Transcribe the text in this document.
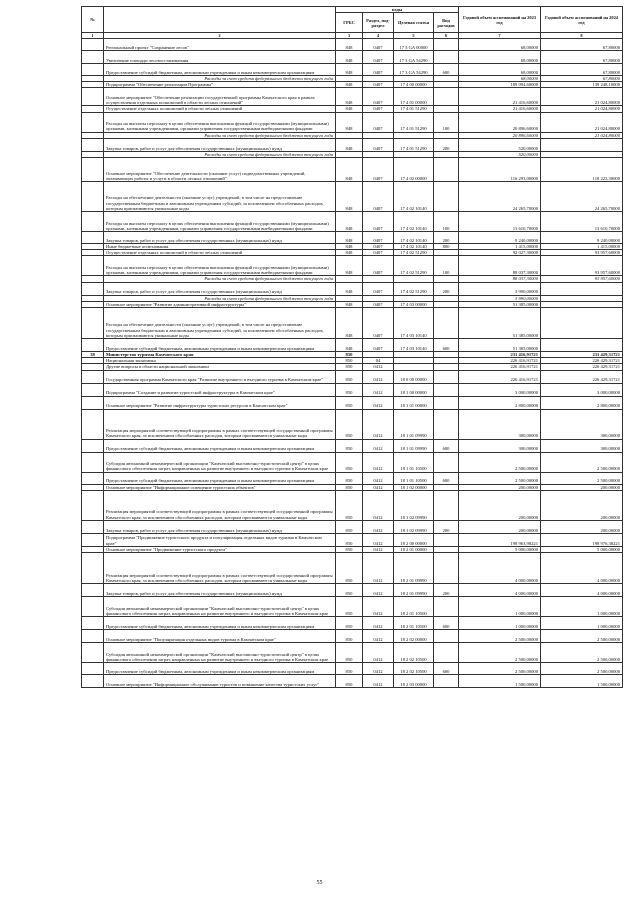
№		коды				Годовой объем ассигнований на 2023 год	Годовой объем ассигнований на 2024 год
		ГРБС	Раздел, под-раздел	Целевая статья	Вид расходов		
1	2	3	4	5	6	7	8
	Региональный проект "Сохранение лесов"	848	0407	17 3 GA 00000		68,00000	67,80000
	Увеличение площади лесовосстановления	848	0407	17 3 GA 54290		68,00000	67,80000
	Предоставление субсидий бюджетным, автономным учреждениям и иным некоммерческим организациям	848	0407	17 3 GA 54290	600	68,00000	67,80000
	Расходы за счет средств федерального бюджета текущего года					68,00000	67,80000
	Подпрограмма "Обеспечение реализации Программы"	848	0407	17 4 00 00000		189 094,60000	139 248,10000
	Основное мероприятие "Обеспечение реализации государственной программы Камчатского края в рамках осуществления отдельных полномочий в области лесных отношений"	848	0407	17 4 01 00000		21 416,60000	21 024,80000
	Осуществление отдельных полномочий в области лесных отношений	848	0407	17 4 01 51290		21 416,60000	21 024,80000
	Расходы на выплаты персоналу в целях обеспечения выполнения функций государственными (муниципальными) органами, казенными учреждениями, органами управления государственными внебюджетными фондами	848	0407	17 4 01 51290	100	20 896,60000	21 024,80000
	Расходы за счет средств федерального бюджета текущего года					20 896,60000	21 024,80000
	Закупка товаров, работ и услуг для обеспечения государственных (муниципальных) нужд	848	0407	17 4 01 51290	200	520,00000	
	Расходы за счет средств федерального бюджета текущего года					520,00000	
	Основное мероприятие "Обеспечение деятельности (оказание услуг) подведомственных учреждений, оказывающих работы и услуги в области лесных отношений"	848	0407	17 4 02 00000		116 293,00000	118 223,30000
	Расходы на обеспечение деятельности (оказание услуг) учреждений, в том числе на предоставление государственным бюджетным и автономным учреждениям субсидий, за исключением обособленных расходов, которым присваиваются уникальные коды	848	0407	17 4 02 10140		24 265,70000	24 265,70000
	Расходы на выплаты персоналу в целях обеспечения выполнения функций государственными (муниципальными) органами, казенными учреждениями, органами управления государственными внебюджетными фондами	848	0407	17 4 02 10140	100	13 610,70000	13 610,70000
	Закупка товаров, работ и услуг для обеспечения государственных (муниципальных) нужд	848	0407	17 4 02 10140	200	9 240,00000	9 240,00000
	Иные бюджетные ассигнования	848	0407	17 4 02 10140	800	1 415,00000	1 415,00000
	Осуществление отдельных полномочий в области лесных отношений	848	0407	17 4 02 51290		92 027,30000	93 957,60000
	Расходы на выплаты персоналу в целях обеспечения выполнения функций государственными (муниципальными) органами, казенными учреждениями, органами управления государственными внебюджетными фондами	848	0407	17 4 02 51290	100	88 037,30000	93 957,60000
	Расходы за счет средств федерального бюджета текущего года					88 037,30000	93 957,60000
	Закупка товаров, работ и услуг для обеспечения государственных (муниципальных) нужд	848	0407	17 4 02 51290	200	3 990,00000	
	Расходы за счет средств федерального бюджета текущего года					3 990,00000	
	Основное мероприятие "Развитие административной инфраструктуры"	848	0407	17 4 03 00000		51 385,00000	
	Расходы на обеспечение деятельности (оказание услуг) учреждений, в том числе на предоставление государственным бюджетным и автономным учреждениям субсидий, за исключением обособленных расходов, которым присваиваются уникальные коды	848	0407	17 4 03 10140		51 385,00000	
	Предоставление субсидий бюджетным, автономным учреждениям и иным некоммерческим организациям	848	0407	17 4 03 10140	600	51 385,00000	
38	Министерство туризма Камчатского края	850				231 416,91721	231 429,31721
	Национальная экономика	850	04			226 416,91721	226 429,31721
	Другие вопросы в области национальной экономики	850	0412			226 416,91721	226 429,31721
	Государственная программа Камчатского края "Развитие внутреннего и въездного туризма в Камчатском крае"	850	0412	18 0 00 00000		226 416,91721	226 429,31721
	Подпрограмма "Создание и развитие туристской инфраструктуры в Камчатском крае"	850	0412	18 1 00 00000		3 000,00000	3 000,00000
	Основное мероприятие "Развитие инфраструктуры туристских ресурсов в Камчатском крае"	850	0412	18 1 01 00000		2 800,00000	2 800,00000
	Реализация мероприятий соответствующей подпрограммы в рамках соответствующей государственной программы Камчатского края, за исключением обособленных расходов, которым присваиваются уникальные коды	850	0412	18 1 01 09990		300,00000	300,00000
	Предоставление субсидий бюджетным, автономным учреждениям и иным некоммерческим организациям	850	0412	18 1 01 09990	600	300,00000	300,00000
	Субсидия автономной некоммерческой организации "Камчатский выставочно-туристический центр" в целях финансового обеспечения затрат, направленных на развитие внутреннего и въездного туризма в Камчатском крае	850	0412	18 1 01 10500		2 500,00000	2 500,00000
	Предоставление субсидий бюджетным, автономным учреждениям и иным некоммерческим организациям	850	0412	18 1 01 10500	600	2 500,00000	2 500,00000
	Основное мероприятие "Информационное освещение туристских объектов"	850	0412	18 1 02 00000		200,00000	200,00000
	Реализация мероприятий соответствующей подпрограммы в рамках соответствующей государственной программы Камчатского края, за исключением обособленных расходов, которым присваиваются уникальные коды	850	0412	18 1 02 09990		200,00000	200,00000
	Закупка товаров, работ и услуг для обеспечения государственных (муниципальных) нужд	850	0412	18 1 02 09990	200	200,00000	200,00000
	Подпрограмма "Продвижение туристского продукта и популяризация отдельных видов туризма в Камчатском крае"	850	0412	18 2 00 00000		198 963,98221	198 976,38221
	Основное мероприятие "Продвижение туристского продукта"	850	0412	18 2 01 00000		5 000,00000	5 000,00000
	Реализация мероприятий соответствующей подпрограммы в рамках соответствующей государственной программы Камчатского края, за исключением обособленных расходов, которым присваиваются уникальные коды	850	0412	18 2 01 09990		4 000,00000	4 000,00000
	Закупка товаров, работ и услуг для обеспечения государственных (муниципальных) нужд	850	0412	18 2 01 09990	200	4 000,00000	4 000,00000
	Субсидия автономной некоммерческой организации "Камчатский выставочно-туристический центр" в целях финансового обеспечения затрат, направленных на развитие внутреннего и въездного туризма в Камчатском крае	850	0412	18 2 01 10500		1 000,00000	1 000,00000
	Предоставление субсидий бюджетным, автономным учреждениям и иным некоммерческим организациям	850	0412	18 2 01 10500	600	1 000,00000	1 000,00000
	Основное мероприятие "Популяризация отдельных видов туризма в Камчатском крае"	850	0412	18 2 02 00000		2 500,00000	2 500,00000
	Субсидия автономной некоммерческой организации "Камчатский выставочно-туристический центр" в целях финансового обеспечения затрат, направленных на развитие внутреннего и въездного туризма в Камчатском крае	850	0412	18 2 02 10500		2 500,00000	2 500,00000
	Предоставление субсидий бюджетным, автономным учреждениям и иным некоммерческим организациям	850	0412	18 2 02 10500	600	2 500,00000	2 500,00000
	Основное мероприятие "Информационное обслуживание туристов и повышение качества туристских услуг"	850	0412	18 2 03 00000		1 500,00000	1 500,00000
55
